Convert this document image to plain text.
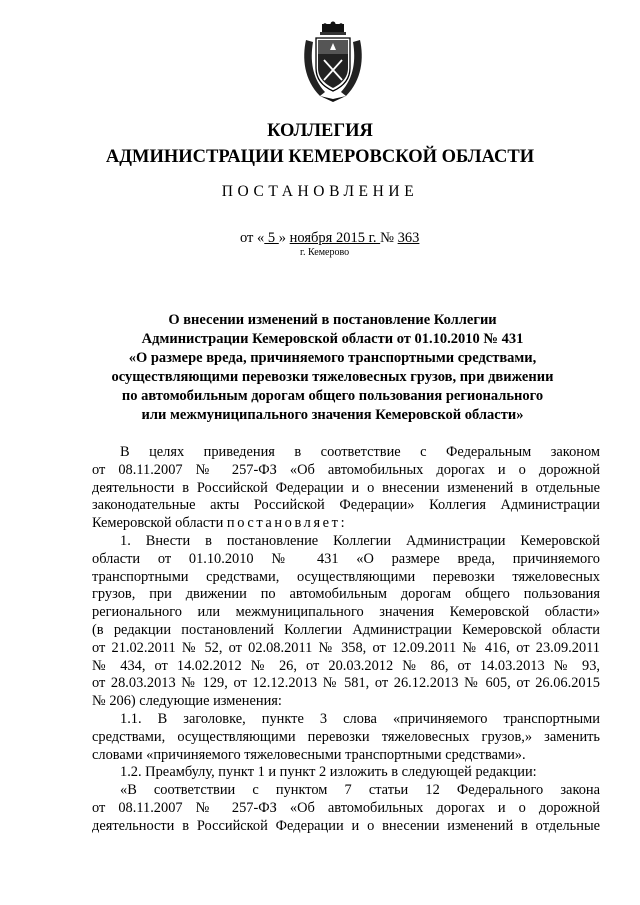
КОЛЛЕГИЯ
АДМИНИСТРАЦИИ КЕМЕРОВСКОЙ ОБЛАСТИ
ПОСТАНОВЛЕНИЕ
от « 5 » ноября 2015 г. № 363
г. Кемерово
О внесении изменений в постановление Коллегии
Администрации Кемеровской области от 01.10.2010 № 431
«О размере вреда, причиняемого транспортными средствами,
осуществляющими перевозки тяжеловесных грузов, при движении
по автомобильным дорогам общего пользования регионального
или межмуниципального значения Кемеровской области»
В целях приведения в соответствие с Федеральным законом
от 08.11.2007 № 257-ФЗ «Об автомобильных дорогах и о дорожной
деятельности в Российской Федерации и о внесении изменений в отдельные
законодательные акты Российской Федерации» Коллегия Администрации
Кемеровской области постановляет:
1. Внести в постановление Коллегии Администрации Кемеровской
области от 01.10.2010 № 431 «О размере вреда, причиняемого
транспортными средствами, осуществляющими перевозки тяжеловесных
грузов, при движении по автомобильным дорогам общего пользования
регионального или межмуниципального значения Кемеровской области»
(в редакции постановлений Коллегии Администрации Кемеровской области
от 21.02.2011 № 52, от 02.08.2011 № 358, от 12.09.2011 № 416, от 23.09.2011
№ 434, от 14.02.2012 № 26, от 20.03.2012 № 86, от 14.03.2013 № 93,
от 28.03.2013 № 129, от 12.12.2013 № 581, от 26.12.2013 № 605, от 26.06.2015
№ 206) следующие изменения:
1.1. В заголовке, пункте 3 слова «причиняемого транспортными
средствами, осуществляющими перевозки тяжеловесных грузов,» заменить
словами «причиняемого тяжеловесными транспортными средствами».
1.2. Преамбулу, пункт 1 и пункт 2 изложить в следующей редакции:
«В соответствии с пунктом 7 статьи 12 Федерального закона
от 08.11.2007 № 257-ФЗ «Об автомобильных дорогах и о дорожной
деятельности в Российской Федерации и о внесении изменений в отдельные
